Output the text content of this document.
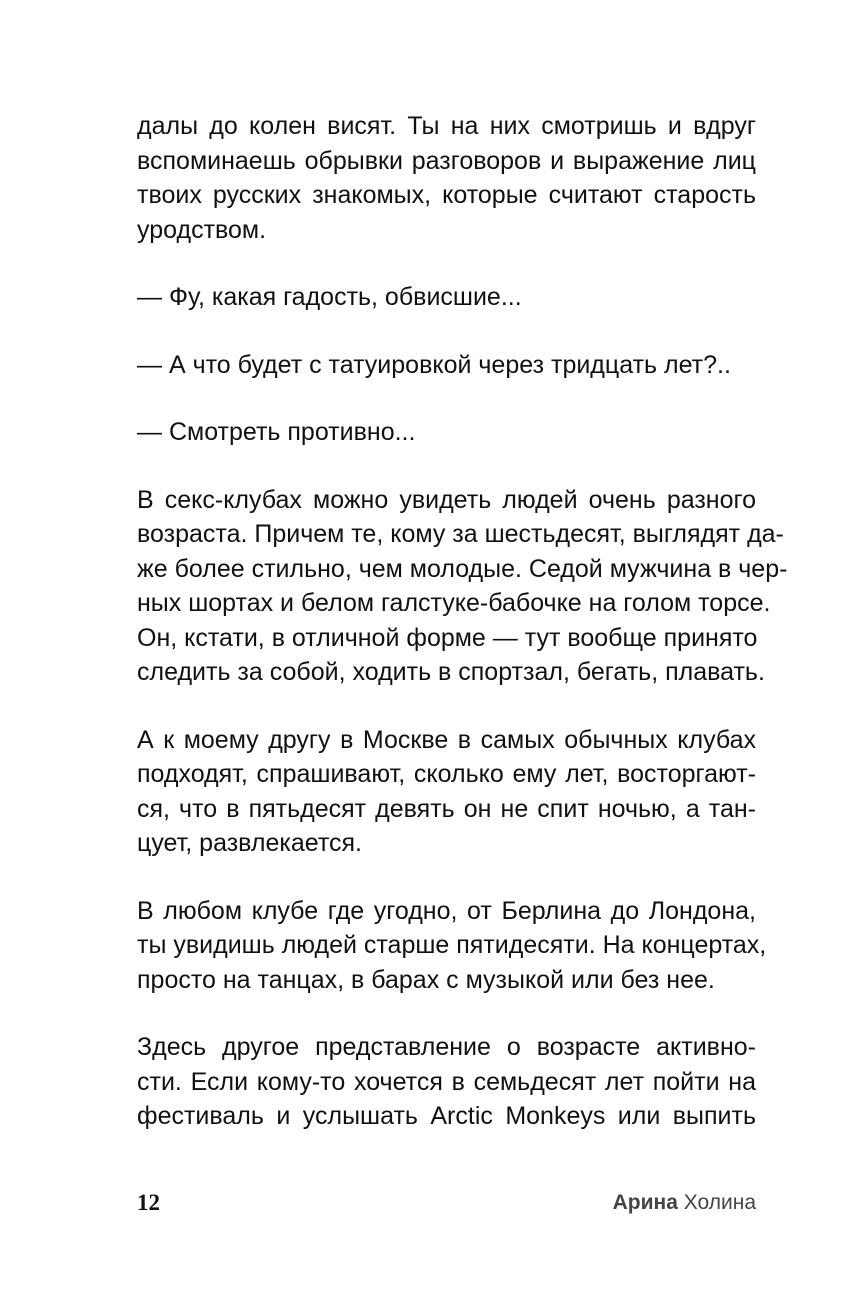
далы до колен висят. Ты на них смотришь и вдруг
вспоминаешь обрывки разговоров и выражение лиц
твоих русских знакомых, которые считают старость
уродством.

— Фу, какая гадость, обвисшие...

— А что будет с татуировкой через тридцать лет?..

— Смотреть противно...

В секс-клубах можно увидеть людей очень разного
возраста. Причем те, кому за шестьдесят, выглядят да-
же более стильно, чем молодые. Седой мужчина в чер-
ных шортах и белом галстуке-бабочке на голом торсе.
Он, кстати, в отличной форме — тут вообще принято
следить за собой, ходить в спортзал, бегать, плавать.

А к моему другу в Москве в самых обычных клубах
подходят, спрашивают, сколько ему лет, восторгают-
ся, что в пятьдесят девять он не спит ночью, а тан-
цует, развлекается.

В любом клубе где угодно, от Берлина до Лондона,
ты увидишь людей старше пятидесяти. На концертах,
просто на танцах, в барах с музыкой или без нее.

Здесь другое представление о возрасте активно-
сти. Если кому-то хочется в семьдесят лет пойти на
фестиваль и услышать Arctic Monkeys или выпить

12	Арина Холина
